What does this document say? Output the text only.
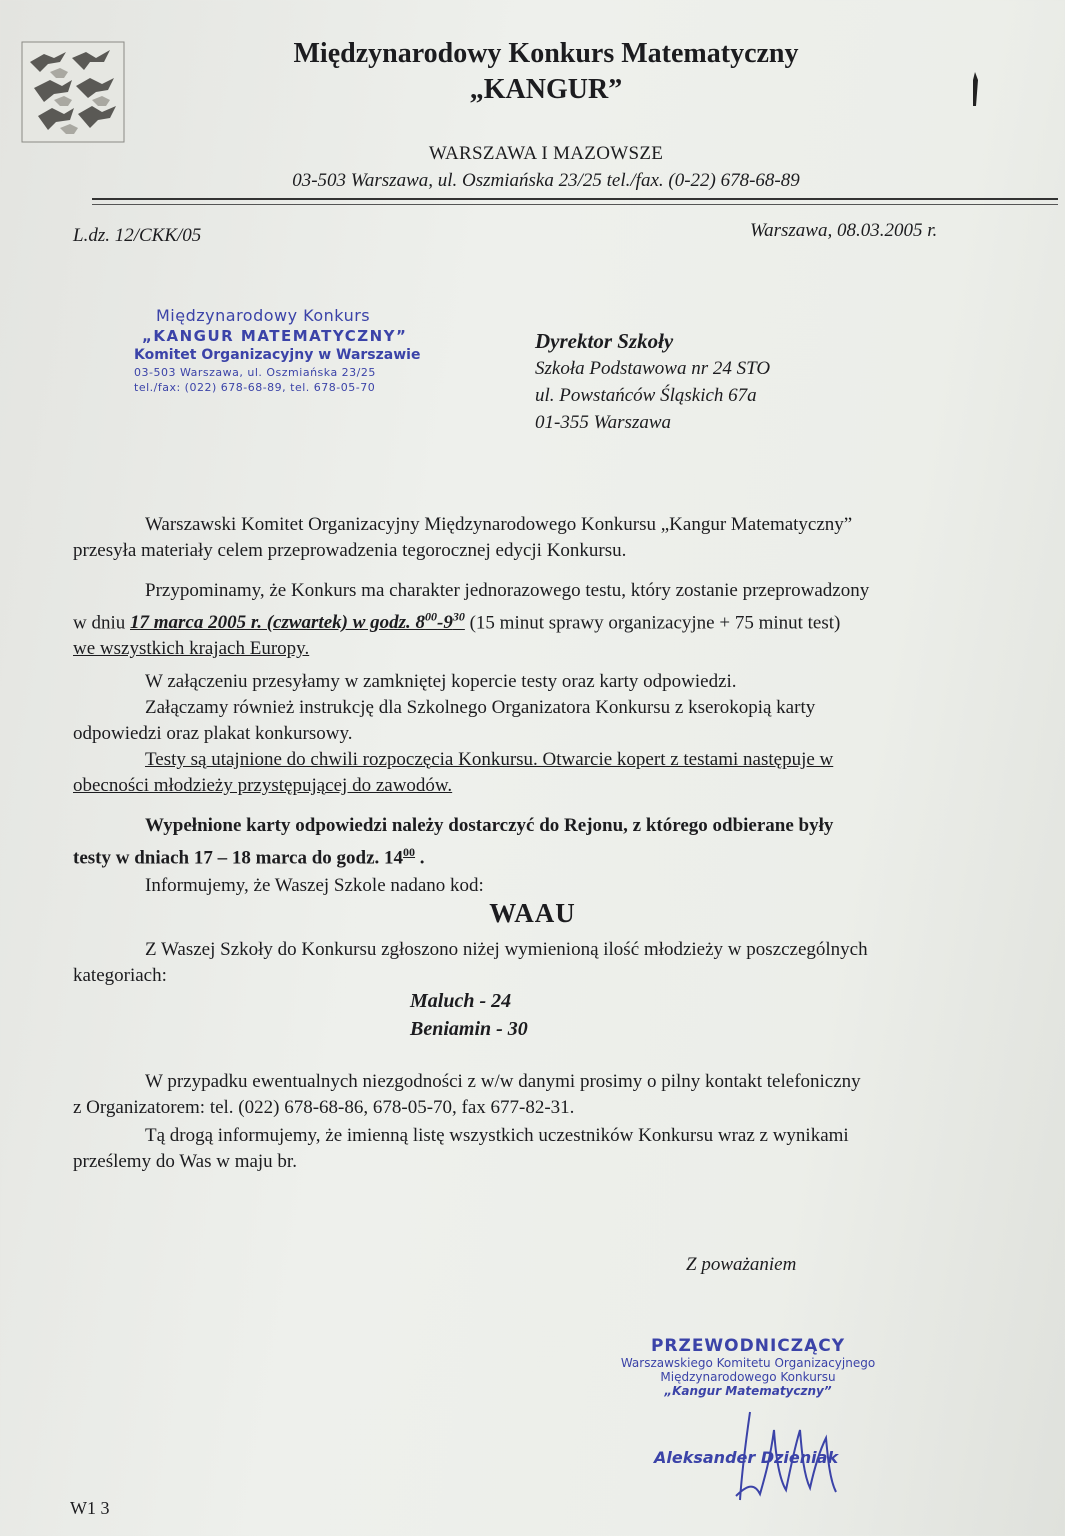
Międzynarodowy Konkurs Matematyczny
„KANGUR”
WARSZAWA I MAZOWSZE
03-503 Warszawa, ul. Oszmiańska 23/25 tel./fax. (0-22) 678-68-89
L.dz. 12/CKK/05	Warszawa, 08.03.2005 r.
Międzynarodowy Konkurs
„KANGUR MATEMATYCZNY”
Komitet Organizacyjny w Warszawie
03-503 Warszawa, ul. Oszmiańska 23/25
tel./fax: (022) 678-68-89, tel. 678-05-70
Dyrektor Szkoły
Szkoła Podstawowa nr 24 STO
ul. Powstańców Śląskich 67a
01-355 Warszawa
Warszawski Komitet Organizacyjny Międzynarodowego Konkursu „Kangur Matematyczny”
przesyła materiały celem przeprowadzenia tegorocznej edycji Konkursu.
Przypominamy, że Konkurs ma charakter jednorazowego testu, który zostanie przeprowadzony
w dniu 17 marca 2005 r. (czwartek) w godz. $8^{00}-9^{30}$ (15 minut sprawy organizacyjne + 75 minut test)
we wszystkich krajach Europy.
W załączeniu przesyłamy w zamkniętej kopercie testy oraz karty odpowiedzi.
Załączamy również instrukcję dla Szkolnego Organizatora Konkursu z kserokopią karty
odpowiedzi oraz plakat konkursowy.
Testy są utajnione do chwili rozpoczęcia Konkursu. Otwarcie kopert z testami następuje w
obecności młodzieży przystępującej do zawodów.
Wypełnione karty odpowiedzi należy dostarczyć do Rejonu, z którego odbierane były
testy w dniach 17 – 18 marca do godz. $14^{00}$ .
Informujemy, że Waszej Szkole nadano kod:
WAAU
Z Waszej Szkoły do Konkursu zgłoszono niżej wymienioną ilość młodzieży w poszczególnych
kategoriach:
Maluch - 24
Beniamin - 30
W przypadku ewentualnych niezgodności z w/w danymi prosimy o pilny kontakt telefoniczny
z Organizatorem: tel. (022) 678-68-86, 678-05-70, fax 677-82-31.
Tą drogą informujemy, że imienną listę wszystkich uczestników Konkursu wraz z wynikami
prześlemy do Was w maju br.
Z poważaniem
PRZEWODNICZĄCY
Warszawskiego Komitetu Organizacyjnego
Międzynarodowego Konkursu
„Kangur Matematyczny”
Aleksander Dzieniak
W1 3
